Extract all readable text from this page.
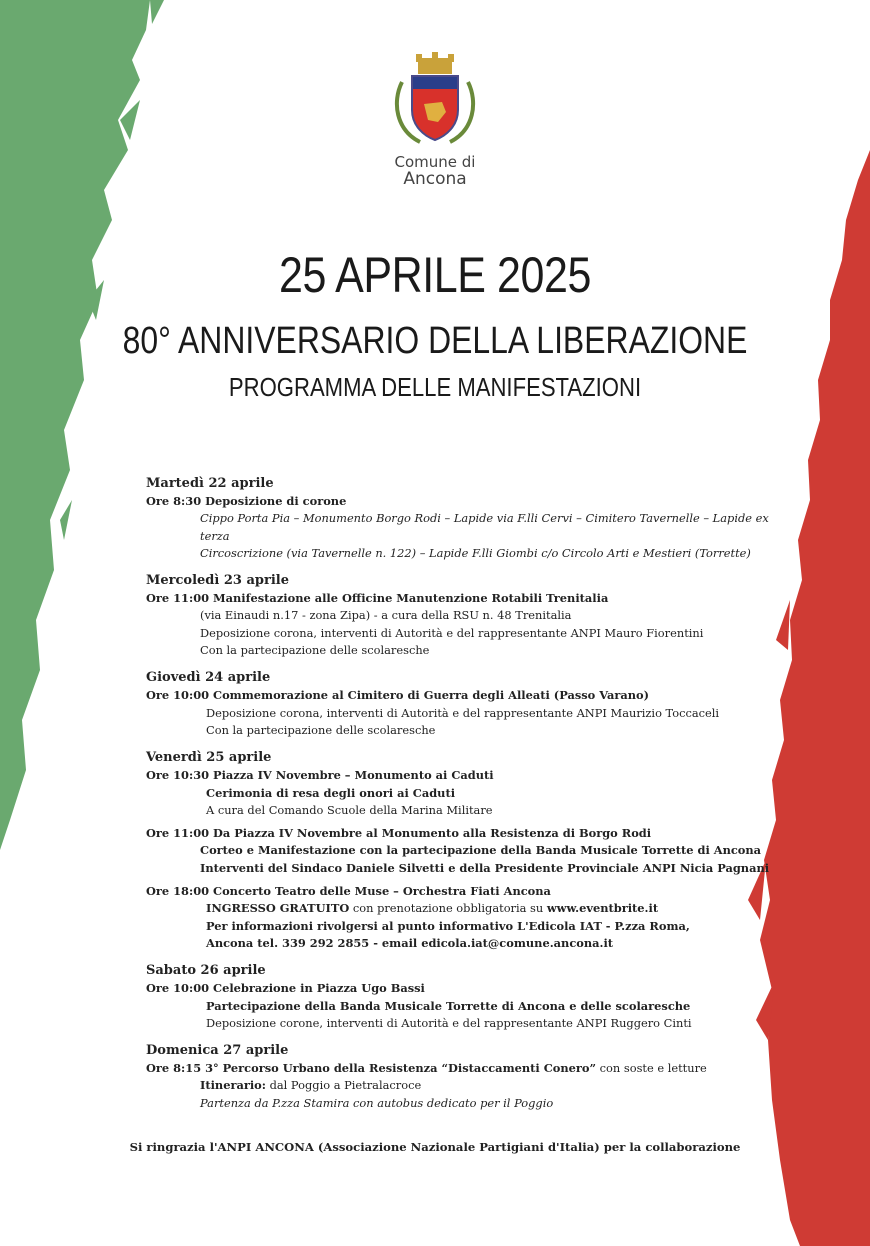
Comune di
Ancona
25 APRILE 2025
80° ANNIVERSARIO DELLA LIBERAZIONE
PROGRAMMA DELLE MANIFESTAZIONI
Martedì 22 aprile
Ore 8:30 Deposizione di corone
Cippo Porta Pia – Monumento Borgo Rodi – Lapide via F.lli Cervi – Cimitero Tavernelle – Lapide ex terza
Circoscrizione (via Tavernelle n. 122) – Lapide F.lli Giombi c/o Circolo Arti e Mestieri (Torrette)
Mercoledì 23 aprile
Ore 11:00 Manifestazione alle Officine Manutenzione Rotabili Trenitalia
(via Einaudi n.17 - zona Zipa) - a cura della RSU n. 48 Trenitalia
Deposizione corona, interventi di Autorità e del rappresentante ANPI Mauro Fiorentini
Con la partecipazione delle scolaresche
Giovedì 24 aprile
Ore 10:00 Commemorazione al Cimitero di Guerra degli Alleati (Passo Varano)
Deposizione corona, interventi di Autorità e del rappresentante ANPI Maurizio Toccaceli
Con la partecipazione delle scolaresche
Venerdì 25 aprile
Ore 10:30 Piazza IV Novembre – Monumento ai Caduti
Cerimonia di resa degli onori ai Caduti
A cura del Comando Scuole della Marina Militare
Ore 11:00 Da Piazza IV Novembre al Monumento alla Resistenza di Borgo Rodi
Corteo e Manifestazione con la partecipazione della Banda Musicale Torrette di Ancona
Interventi del Sindaco Daniele Silvetti e della Presidente Provinciale ANPI Nicia Pagnani
Ore 18:00 Concerto Teatro delle Muse – Orchestra Fiati Ancona
INGRESSO GRATUITO con prenotazione obbligatoria su www.eventbrite.it
Per informazioni rivolgersi al punto informativo L'Edicola IAT - P.zza Roma,
Ancona tel. 339 292 2855 - email edicola.iat@comune.ancona.it
Sabato 26 aprile
Ore 10:00 Celebrazione in Piazza Ugo Bassi
Partecipazione della Banda Musicale Torrette di Ancona e delle scolaresche
Deposizione corone, interventi di Autorità e del rappresentante ANPI Ruggero Cinti
Domenica 27 aprile
Ore 8:15 3° Percorso Urbano della Resistenza “Distaccamenti Conero” con soste e letture
Itinerario: dal Poggio a Pietralacroce
Partenza da P.zza Stamira con autobus dedicato per il Poggio
Si ringrazia l'ANPI ANCONA (Associazione Nazionale Partigiani d'Italia) per la collaborazione
